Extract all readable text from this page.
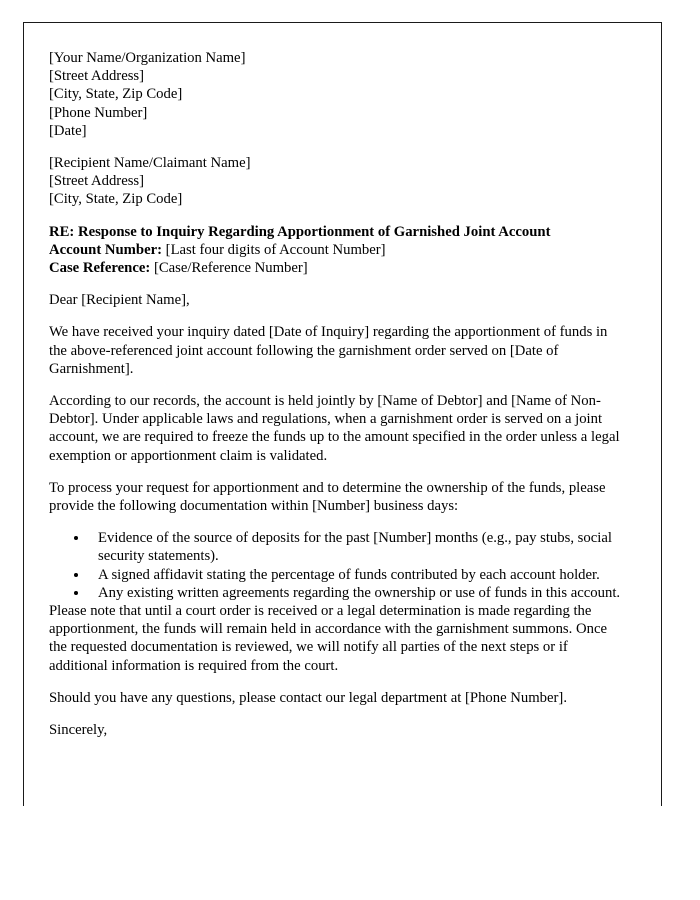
[Your Name/Organization Name]
[Street Address]
[City, State, Zip Code]
[Phone Number]
[Date]
[Recipient Name/Claimant Name]
[Street Address]
[City, State, Zip Code]
RE: Response to Inquiry Regarding Apportionment of Garnished Joint Account
Account Number: [Last four digits of Account Number]
Case Reference: [Case/Reference Number]
Dear [Recipient Name],

We have received your inquiry dated [Date of Inquiry] regarding the apportionment of funds in the above-referenced joint account following the garnishment order served on [Date of Garnishment].

According to our records, the account is held jointly by [Name of Debtor] and [Name of Non-Debtor]. Under applicable laws and regulations, when a garnishment order is served on a joint account, we are required to freeze the funds up to the amount specified in the order unless a legal exemption or apportionment claim is validated.

To process your request for apportionment and to determine the ownership of the funds, please provide the following documentation within [Number] business days:

• Evidence of the source of deposits for the past [Number] months (e.g., pay stubs, social security statements).
• A signed affidavit stating the percentage of funds contributed by each account holder.
• Any existing written agreements regarding the ownership or use of funds in this account.

Please note that until a court order is received or a legal determination is made regarding the apportionment, the funds will remain held in accordance with the garnishment summons. Once the requested documentation is reviewed, we will notify all parties of the next steps or if additional information is required from the court.

Should you have any questions, please contact our legal department at [Phone Number].

Sincerely,
